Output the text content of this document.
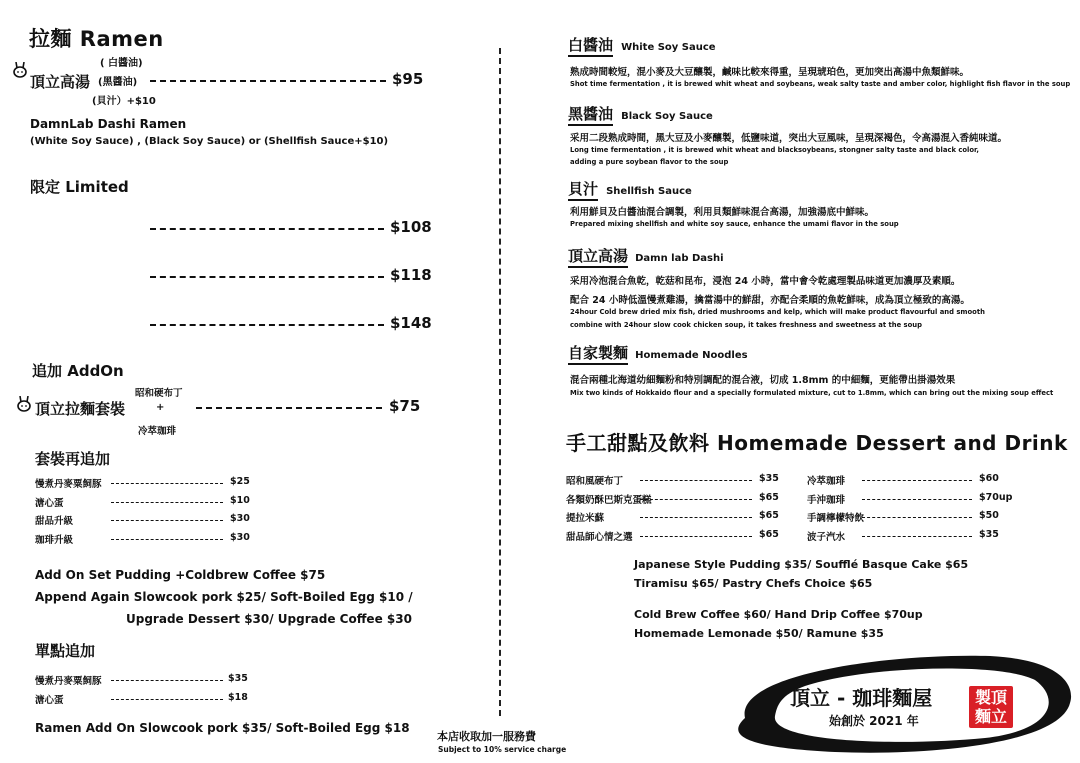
拉麵 Ramen
( 白醬油)
頂立高湯 (黑醬油)	$95
(貝汁）+$10
DamnLab Dashi Ramen
(White Soy Sauce) , (Black Soy Sauce) or (Shellfish Sauce+$10)
限定 Limited
$108
$118
$148
追加 AddOn
昭和硬布丁
頂立拉麵套裝	+	$75
冷萃珈琲
套裝再追加
慢煮丹麥粟飼豚	$25
溏心蛋	$10
甜品升級	$30
珈琲升級	$30
Add On Set Pudding +Coldbrew Coffee $75
Append Again Slowcook pork $25/ Soft-Boiled Egg $10 /
Upgrade Dessert $30/ Upgrade Coffee $30
單點追加
慢煮丹麥粟飼豚	$35
溏心蛋	$18
Ramen Add On Slowcook pork $35/ Soft-Boiled Egg $18
本店收取加一服務費
Subject to 10% service charge
白醬油 White Soy Sauce
熟成時間較短，混小麥及大豆釀製，鹹味比較來得重，呈現琥珀色，更加突出高湯中魚類鮮味。
Shot time fermentation , it is brewed whit wheat and soybeans, weak salty taste and amber color, highlight fish flavor in the soup
黑醬油 Black Soy Sauce
采用二段熟成時間，黑大豆及小麥釀製，低鹽味道，突出大豆風味，呈現深褐色，令高湯混入香純味道。
Long time fermentation , it is brewed whit wheat and blacksoybeans, stongner salty taste and black color,
adding a pure soybean flavor to the soup
貝汁 Shellfish Sauce
利用鮮貝及白醬油混合調製，利用貝類鮮味混合高湯，加強湯底中鮮味。
Prepared mixing shellfish and white soy sauce, enhance the umami flavor in the soup
頂立高湯 Damn lab Dashi
采用冷泡混合魚乾，乾菇和昆布，浸泡 24 小時，當中會令乾處理製品味道更加濃厚及素順。
配合 24 小時低溫慢煮雞湯，擒當湯中的鮮甜，亦配合柔順的魚乾鮮味，成為頂立極致的高湯。
24hour Cold brew dried mix fish, dried mushrooms and kelp, which will make product flavourful and smooth
combine with 24hour slow cook chicken soup, it takes freshness and sweetness at the soup
自家製麵 Homemade Noodles
混合兩種北海道幼細麵粉和特別調配的混合液，切成 1.8mm 的中細麵，更能帶出掛湯效果
Mix two kinds of Hokkaido flour and a specially formulated mixture, cut to 1.8mm, which can bring out the mixing soup effect
手工甜點及飲料 Homemade Dessert and Drink
昭和風硬布丁	$35
各類奶酥巴斯克蛋糕	$65
提拉米蘇	$65
甜品師心情之選	$65
冷萃珈琲	$60
手沖珈琲	$70up
手調檸檬特飲	$50
波子汽水	$35
Japanese Style Pudding $35/ Soufflé Basque Cake $65
Tiramisu $65/ Pastry Chefs Choice $65
Cold Brew Coffee $60/ Hand Drip Coffee $70up
Homemade Lemonade $50/ Ramune $35
頂立 - 珈琲麵屋
始創於 2021 年
製頂
麵立
